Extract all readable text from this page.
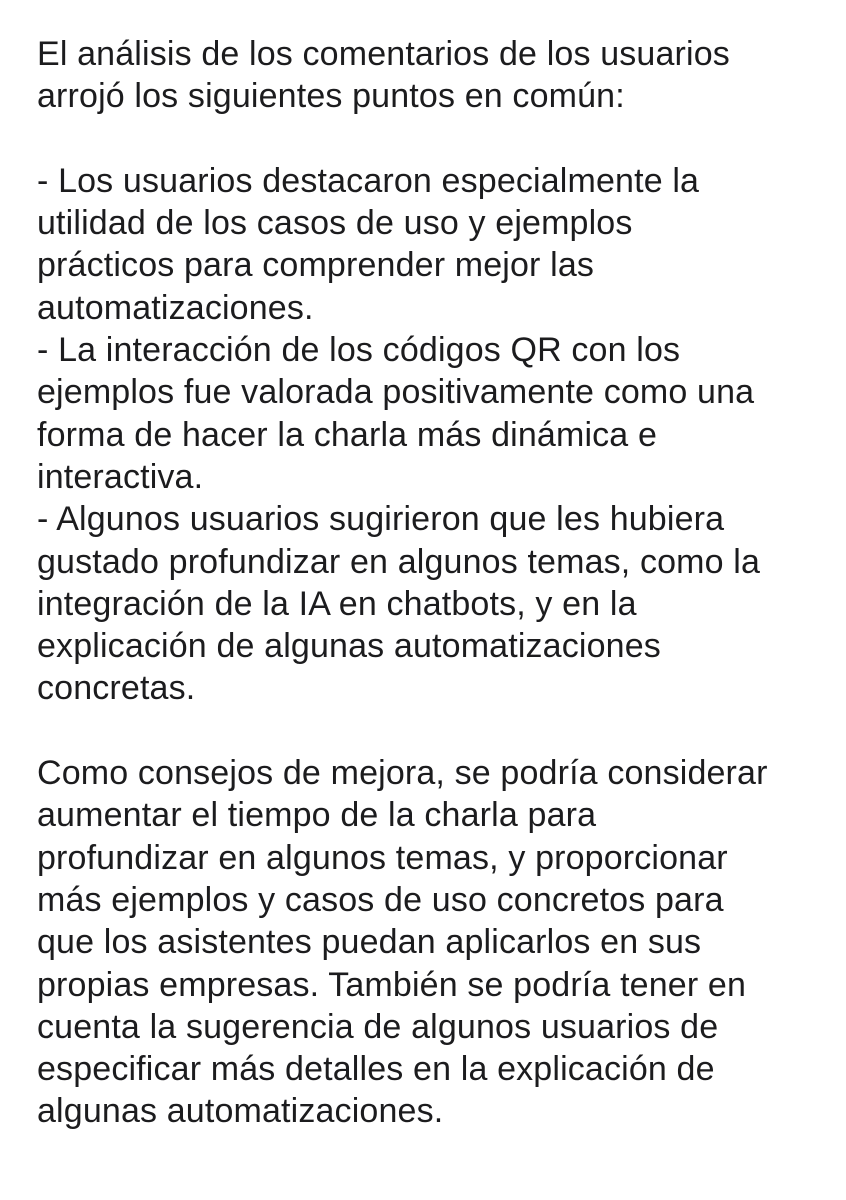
El análisis de los comentarios de los usuarios
arrojó los siguientes puntos en común:
- Los usuarios destacaron especialmente la
utilidad de los casos de uso y ejemplos
prácticos para comprender mejor las
automatizaciones.
- La interacción de los códigos QR con los
ejemplos fue valorada positivamente como una
forma de hacer la charla más dinámica e
interactiva.
- Algunos usuarios sugirieron que les hubiera
gustado profundizar en algunos temas, como la
integración de la IA en chatbots, y en la
explicación de algunas automatizaciones
concretas.
Como consejos de mejora, se podría considerar
aumentar el tiempo de la charla para
profundizar en algunos temas, y proporcionar
más ejemplos y casos de uso concretos para
que los asistentes puedan aplicarlos en sus
propias empresas. También se podría tener en
cuenta la sugerencia de algunos usuarios de
especificar más detalles en la explicación de
algunas automatizaciones.
